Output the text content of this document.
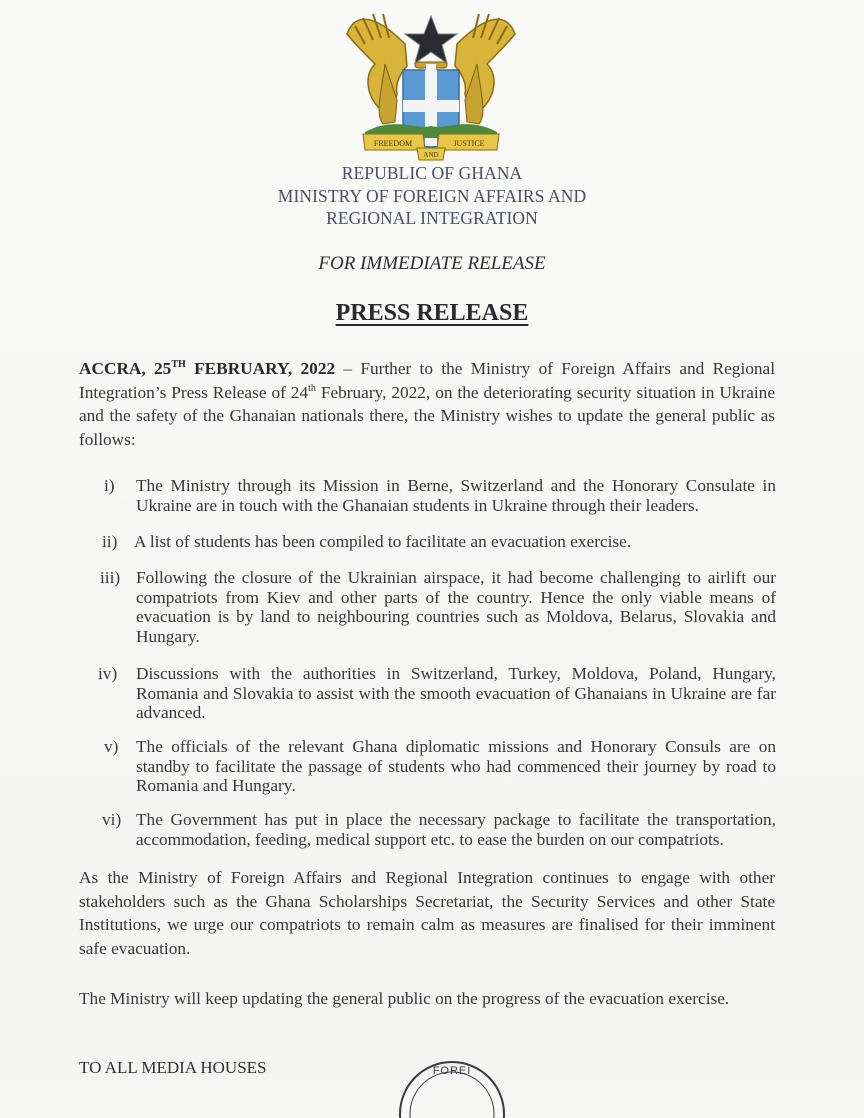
FREEDOM	JUSTICE
AND
REPUBLIC OF GHANA
MINISTRY OF FOREIGN AFFAIRS AND
REGIONAL INTEGRATION
FOR IMMEDIATE RELEASE
PRESS RELEASE
ACCRA, 25TH FEBRUARY, 2022 – Further to the Ministry of Foreign Affairs and Regional Integration’s Press Release of 24th February, 2022, on the deteriorating security situation in Ukraine and the safety of the Ghanaian nationals there, the Ministry wishes to update the general public as follows:
i)	The Ministry through its Mission in Berne, Switzerland and the Honorary Consulate in Ukraine are in touch with the Ghanaian students in Ukraine through their leaders.
ii) A list of students has been compiled to facilitate an evacuation exercise.
iii) Following the closure of the Ukrainian airspace, it had become challenging to airlift our compatriots from Kiev and other parts of the country. Hence the only viable means of evacuation is by land to neighbouring countries such as Moldova, Belarus, Slovakia and Hungary.
iv)	Discussions with the authorities in Switzerland, Turkey, Moldova, Poland, Hungary, Romania and Slovakia to assist with the smooth evacuation of Ghanaians in Ukraine are far advanced.
v)	The officials of the relevant Ghana diplomatic missions and Honorary Consuls are on standby to facilitate the passage of students who had commenced their journey by road to Romania and Hungary.
vi) The Government has put in place the necessary package to facilitate the transportation, accommodation, feeding, medical support etc. to ease the burden on our compatriots.
As the Ministry of Foreign Affairs and Regional Integration continues to engage with other stakeholders such as the Ghana Scholarships Secretariat, the Security Services and other State Institutions, we urge our compatriots to remain calm as measures are finalised for their imminent safe evacuation.
The Ministry will keep updating the general public on the progress of the evacuation exercise.
TO ALL MEDIA HOUSES	FOREI
